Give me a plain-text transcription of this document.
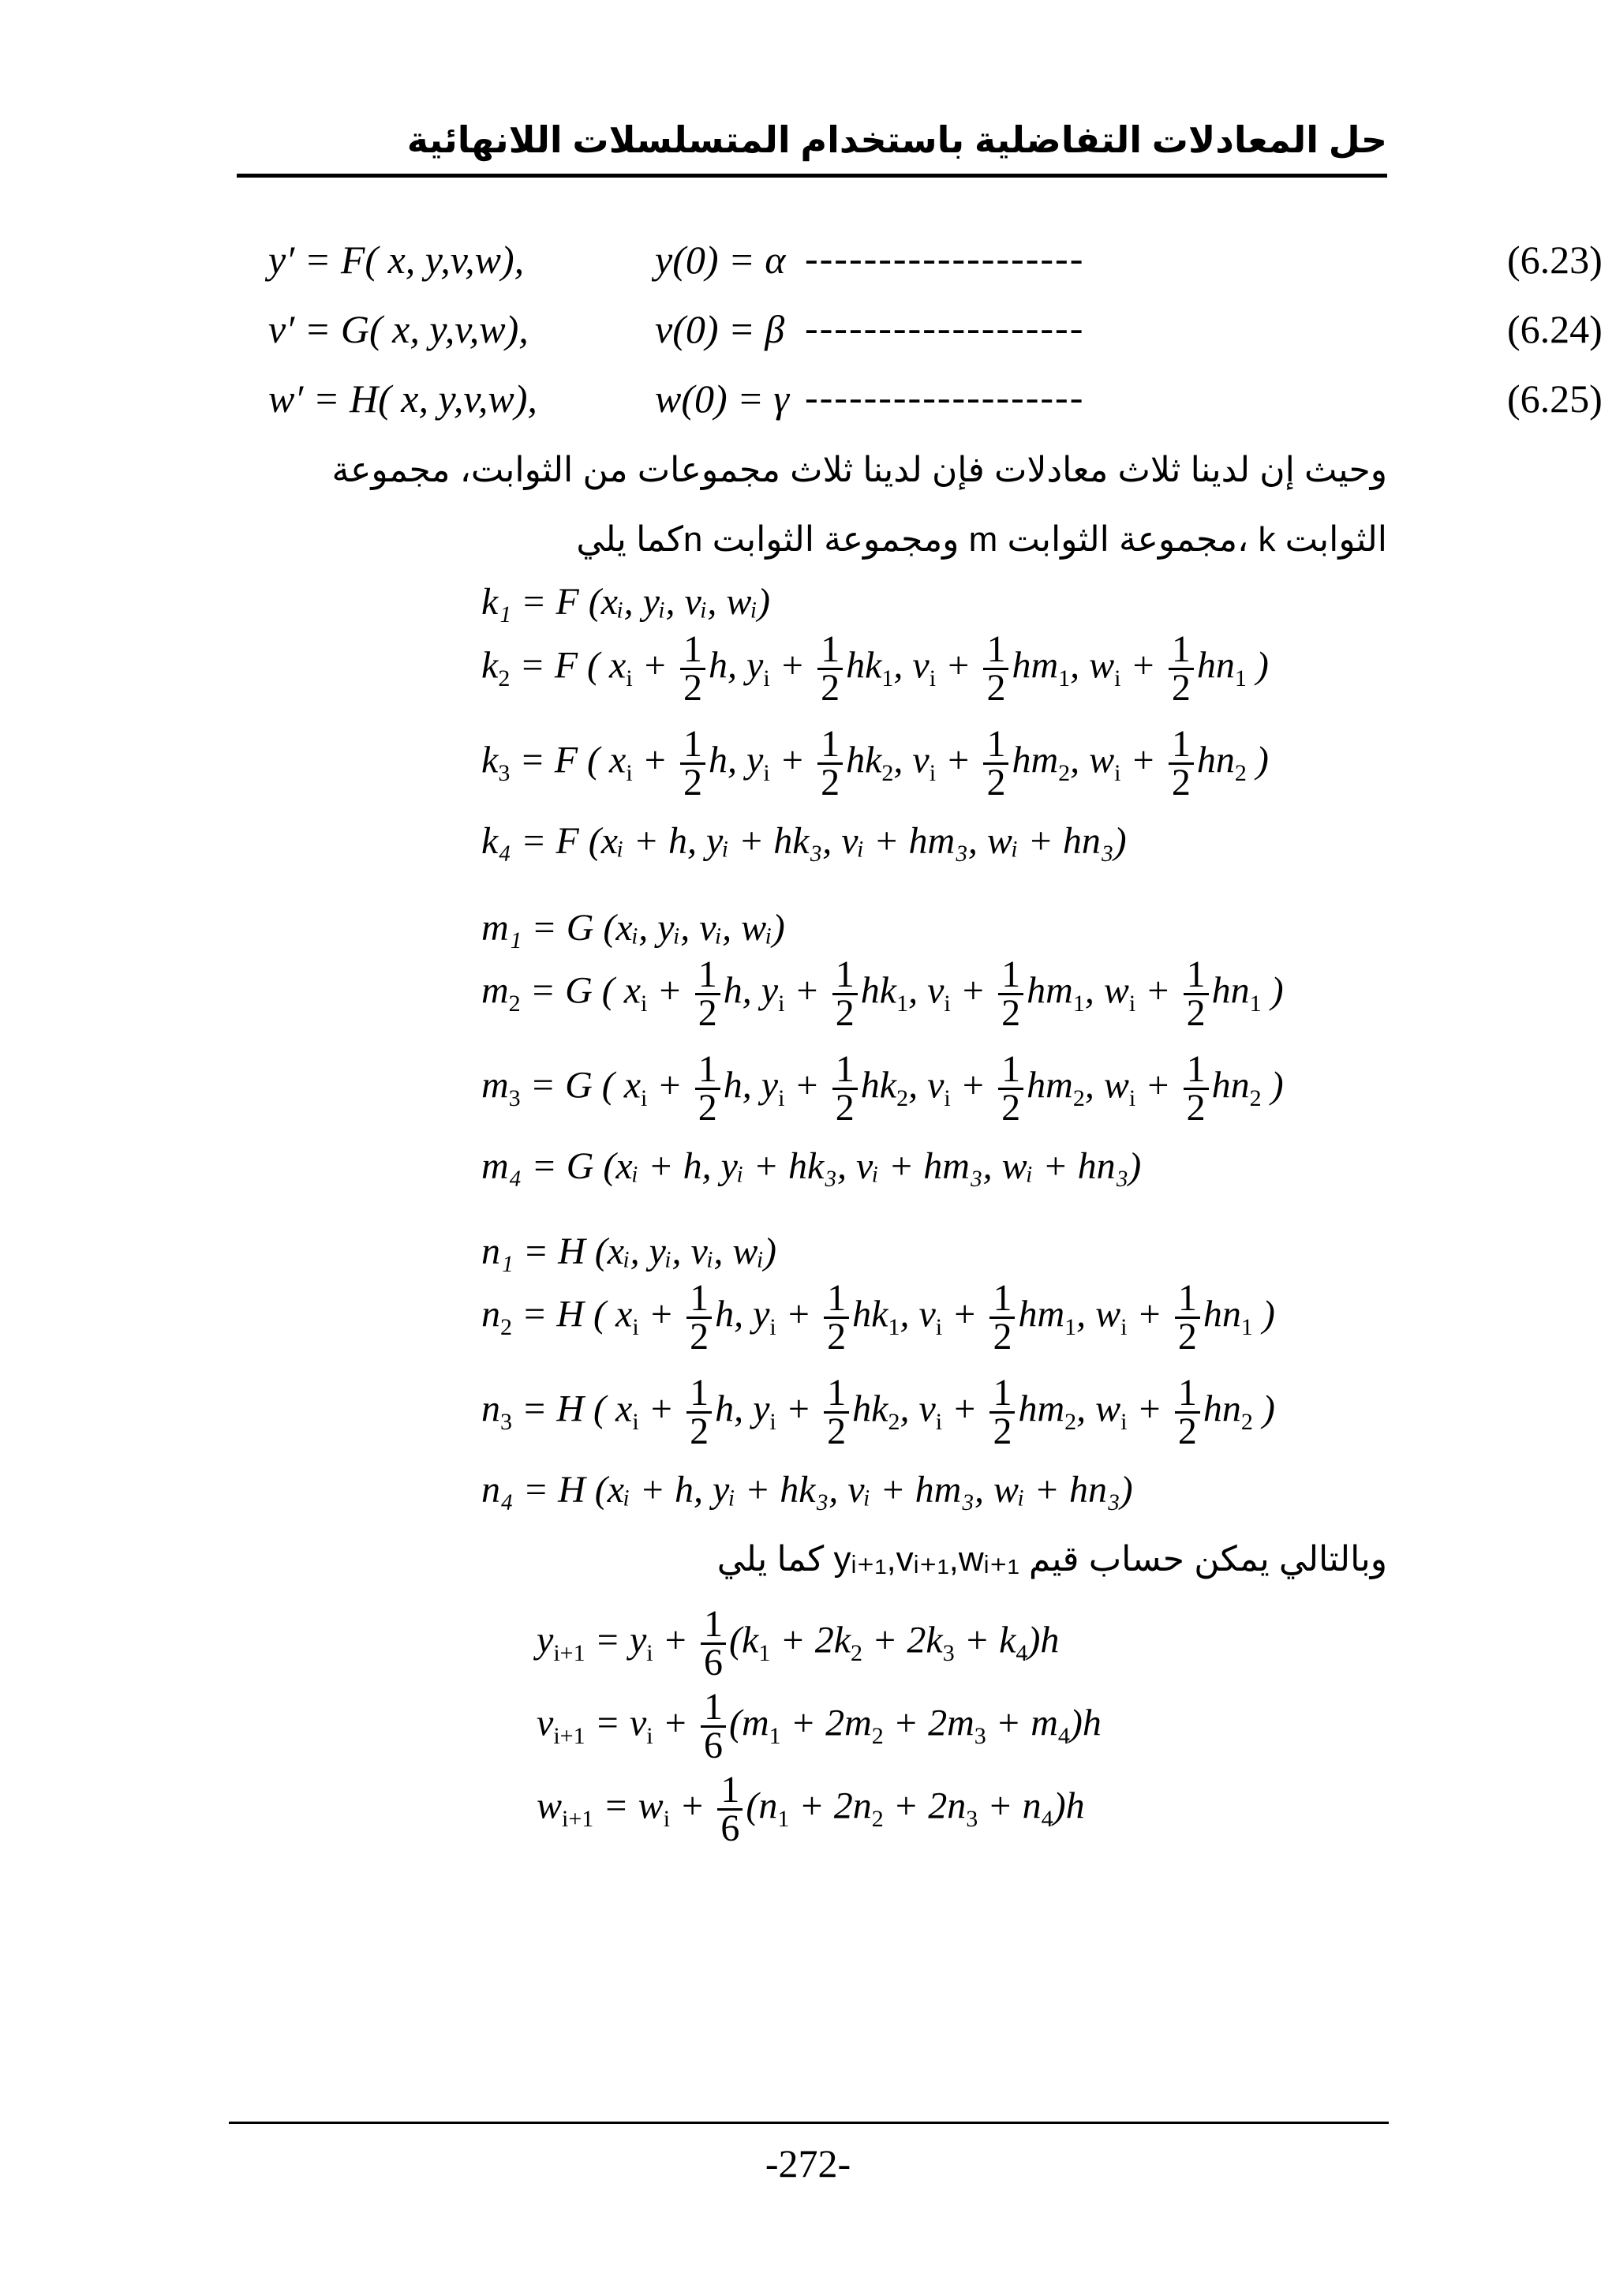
حل المعادلات التفاضلية باستخدام المتسلسلات اللانهائية
y′ = F( x, y,v,w),	y(0) = α -------------------	(6.23)
v′ = G( x, y,v,w),	v(0) = β -------------------	(6.24)
w′ = H( x, y,v,w),	w(0) = γ -------------------	(6.25)
وحيث إن لدينا ثلاث معادلات فإن لدينا ثلاث مجموعات من الثوابت، مجموعة
الثوابت k ،مجموعة الثوابت m ومجموعة الثوابت nكما يلي
k₁ = F (xᵢ, yᵢ, vᵢ, wᵢ)
$k_2 = F$ ( $x_i + \frac{1}{2} h$, $y_i + \frac{1}{2} hk_1$, $v_i + \frac{1}{2} hm_1$, $w_i + \frac{1}{2} hn_1$ )
$k_3 = F$ ( $x_i + \frac{1}{2} h$, $y_i + \frac{1}{2} hk_2$, $v_i + \frac{1}{2} hm_2$, $w_i + \frac{1}{2} hn_2$ )
k₄ = F (xᵢ + h, yᵢ + hk₃, vᵢ + hm₃, wᵢ + hn₃)
m₁ = G (xᵢ, yᵢ, vᵢ, wᵢ)
$m_2 = G$ ( $x_i + \frac{1}{2} h$, $y_i + \frac{1}{2} hk_1$, $v_i + \frac{1}{2} hm_1$, $w_i + \frac{1}{2} hn_1$ )
$m_3 = G$ ( $x_i + \frac{1}{2} h$, $y_i + \frac{1}{2} hk_2$, $v_i + \frac{1}{2} hm_2$, $w_i + \frac{1}{2} hn_2$ )
m₄ = G (xᵢ + h, yᵢ + hk₃, vᵢ + hm₃, wᵢ + hn₃)
n₁ = H (xᵢ, yᵢ, vᵢ, wᵢ)
$n_2 = H$ ( $x_i + \frac{1}{2} h$, $y_i + \frac{1}{2} hk_1$, $v_i + \frac{1}{2} hm_1$, $w_i + \frac{1}{2} hn_1$ )
$n_3 = H$ ( $x_i + \frac{1}{2} h$, $y_i + \frac{1}{2} hk_2$, $v_i + \frac{1}{2} hm_2$, $w_i + \frac{1}{2} hn_2$ )
n₄ = H (xᵢ + h, yᵢ + hk₃, vᵢ + hm₃, wᵢ + hn₃)
وبالتالي يمكن حساب قيم yᵢ₊₁,vᵢ₊₁,wᵢ₊₁ كما يلي
$y_{i+1} = y_i + \frac{1}{6} (k_1 + 2k_2 + 2k_3 + k_4)h$
$v_{i+1} = v_i + \frac{1}{6} (m_1 + 2m_2 + 2m_3 + m_4)h$
$w_{i+1} = w_i + \frac{1}{6} (n_1 + 2n_2 + 2n_3 + n_4)h$
-272-
